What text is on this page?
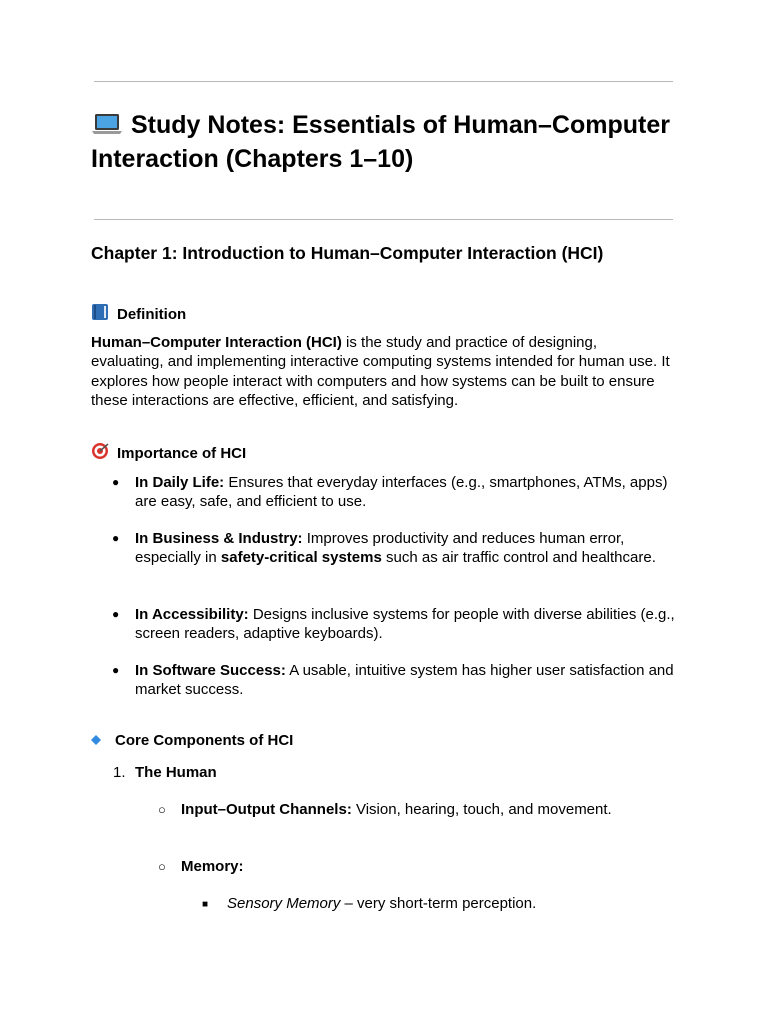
Study Notes: Essentials of Human–Computer Interaction (Chapters 1–10)
Chapter 1: Introduction to Human–Computer Interaction (HCI)
Definition

Human–Computer Interaction (HCI) is the study and practice of designing, evaluating, and implementing interactive computing systems intended for human use. It explores how people interact with computers and how systems can be built to ensure these interactions are effective, efficient, and satisfying.

Importance of HCI
●	In Daily Life: Ensures that everyday interfaces (e.g., smartphones, ATMs, apps) are easy, safe, and efficient to use.

●	In Business & Industry: Improves productivity and reduces human error, especially in safety-critical systems such as air traffic control and healthcare.

●	In Accessibility: Designs inclusive systems for people with diverse abilities (e.g., screen readers, adaptive keyboards).

●	In Software Success: A usable, intuitive system has higher user satisfaction and market success.

Core Components of HCI
1. The Human
○ Input–Output Channels: Vision, hearing, touch, and movement.

○ Memory:

■ Sensory Memory – very short-term perception.
